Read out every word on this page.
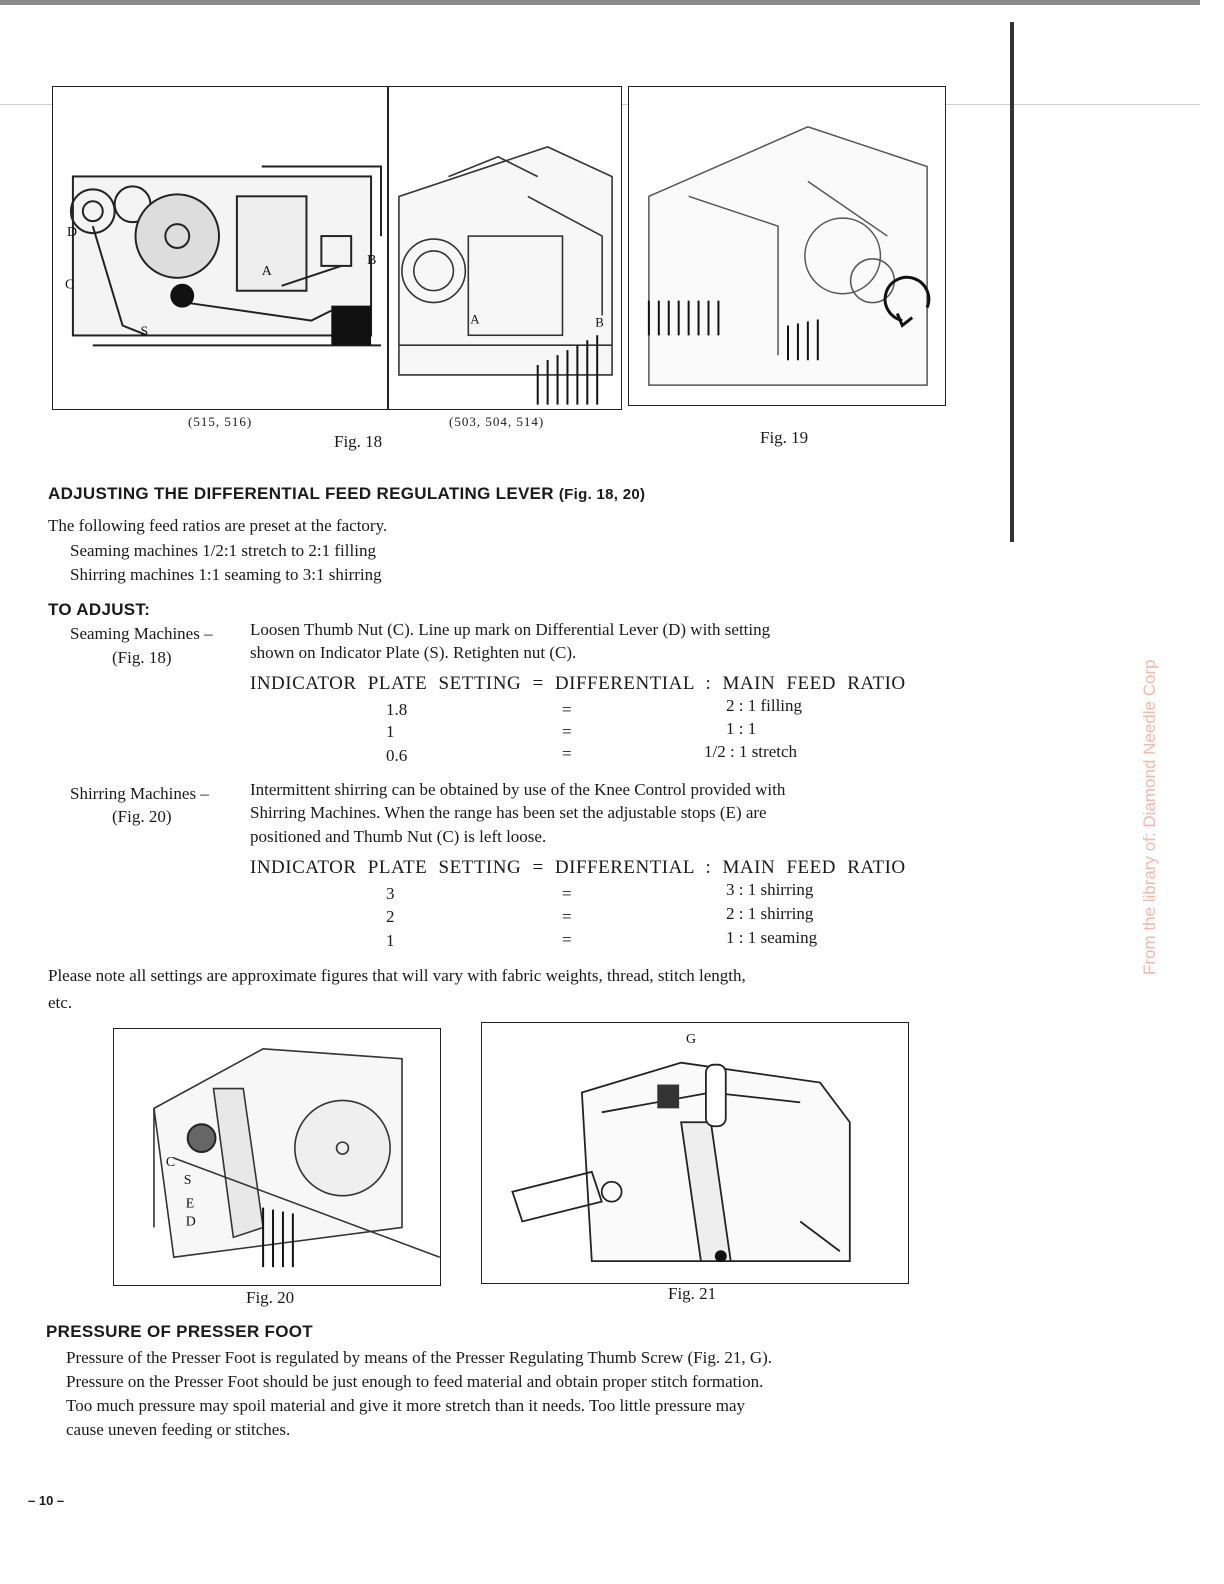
D
C
S
A
B
A	B
(515, 516)	(503, 504, 514)
Fig. 18	Fig. 19
ADJUSTING THE DIFFERENTIAL FEED REGULATING LEVER (Fig. 18, 20)
The following feed ratios are preset at the factory.
Seaming machines 1/2:1 stretch to 2:1 filling
Shirring machines 1:1 seaming to 3:1 shirring
TO ADJUST:
Seaming Machines –
(Fig. 18)
Loosen Thumb Nut (C). Line up mark on Differential Lever (D) with setting
shown on Indicator Plate (S). Retighten nut (C).
INDICATOR PLATE SETTING = DIFFERENTIAL : MAIN FEED RATIO
1.8	=	2 : 1 filling
1	=	1 : 1
0.6	=	1/2 : 1 stretch
Shirring Machines –
(Fig. 20)
Intermittent shirring can be obtained by use of the Knee Control provided with
Shirring Machines. When the range has been set the adjustable stops (E) are
positioned and Thumb Nut (C) is left loose.
INDICATOR PLATE SETTING = DIFFERENTIAL : MAIN FEED RATIO
3	=	3 : 1 shirring
2	=	2 : 1 shirring
1	=	1 : 1 seaming
Please note all settings are approximate figures that will vary with fabric weights, thread, stitch length,
etc.
C
S
E
D
Fig. 20
G
Fig. 21
PRESSURE OF PRESSER FOOT
Pressure of the Presser Foot is regulated by means of the Presser Regulating Thumb Screw (Fig. 21, G).
Pressure on the Presser Foot should be just enough to feed material and obtain proper stitch formation.
Too much pressure may spoil material and give it more stretch than it needs. Too little pressure may
cause uneven feeding or stitches.
From the library of: Diamond Needle Corp
– 10 –
